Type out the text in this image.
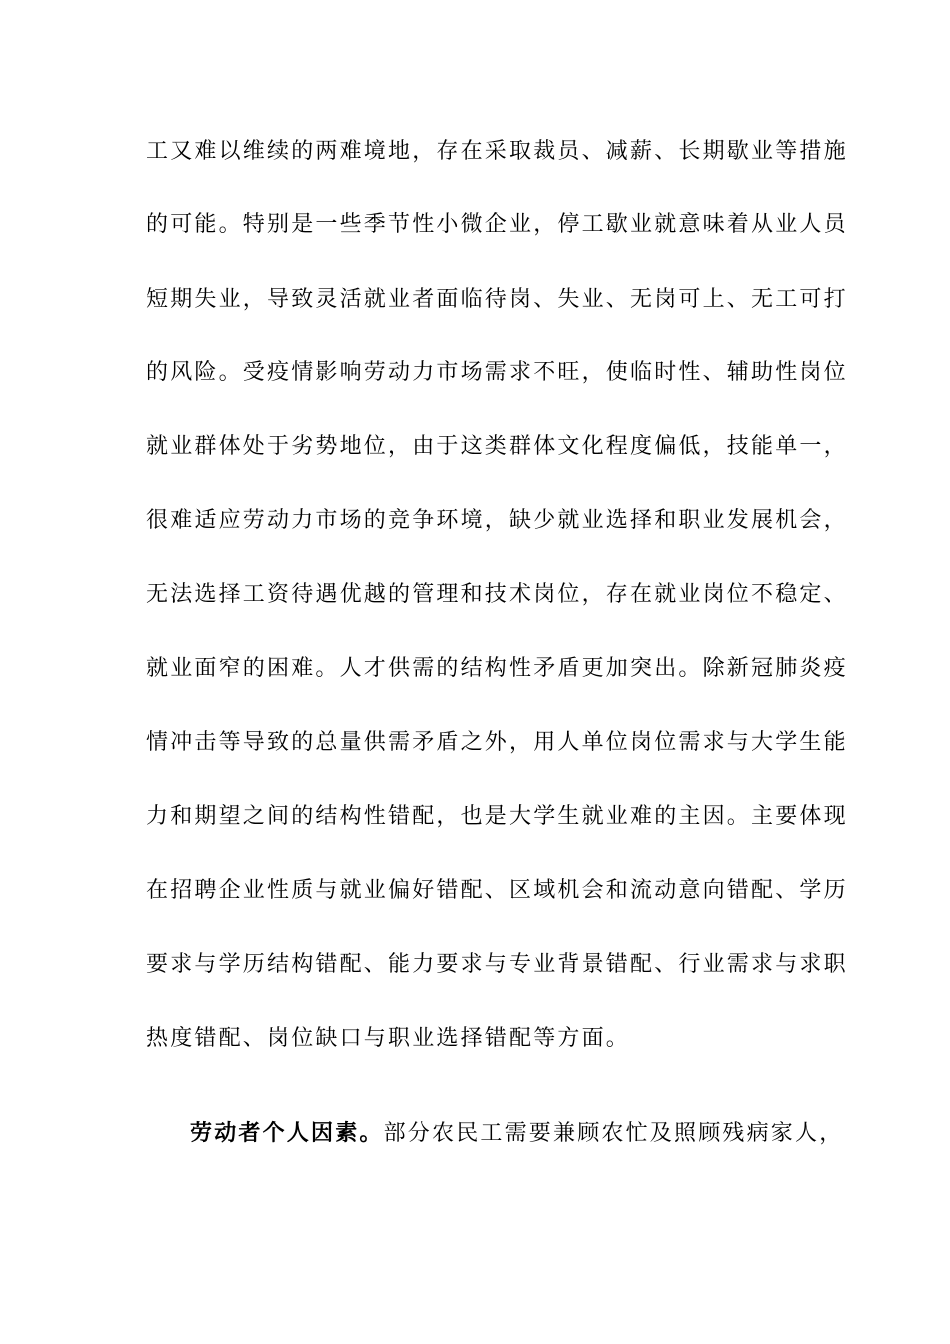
工又难以维续的两难境地，存在采取裁员、减薪、长期歇业等措施
的可能。特别是一些季节性小微企业，停工歇业就意味着从业人员
短期失业，导致灵活就业者面临待岗、失业、无岗可上、无工可打
的风险。受疫情影响劳动力市场需求不旺，使临时性、辅助性岗位
就业群体处于劣势地位，由于这类群体文化程度偏低，技能单一，
很难适应劳动力市场的竞争环境，缺少就业选择和职业发展机会，
无法选择工资待遇优越的管理和技术岗位，存在就业岗位不稳定、
就业面窄的困难。人才供需的结构性矛盾更加突出。除新冠肺炎疫
情冲击等导致的总量供需矛盾之外，用人单位岗位需求与大学生能
力和期望之间的结构性错配，也是大学生就业难的主因。主要体现
在招聘企业性质与就业偏好错配、区域机会和流动意向错配、学历
要求与学历结构错配、能力要求与专业背景错配、行业需求与求职
热度错配、岗位缺口与职业选择错配等方面。
劳动者个人因素。部分农民工需要兼顾农忙及照顾残病家人，
